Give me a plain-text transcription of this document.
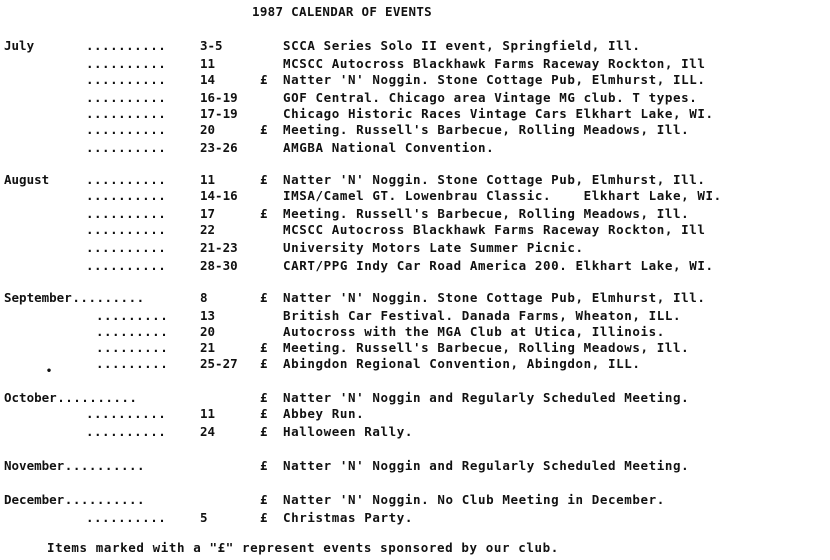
1987 CALENDAR OF EVENTS
July	..........	3-5	SCCA Series Solo II event, Springfield, Ill.
..........	11	MCSCC Autocross Blackhawk Farms Raceway Rockton, Ill
..........	14	£ Natter 'N' Noggin. Stone Cottage Pub, Elmhurst, ILL.
..........	16-19	GOF Central. Chicago area Vintage MG club. T types.
..........	17-19	Chicago Historic Races Vintage Cars Elkhart Lake, WI.
..........	20	£ Meeting. Russell's Barbecue, Rolling Meadows, Ill.
..........	23-26	AMGBA National Convention.
August	..........	11	£ Natter 'N' Noggin. Stone Cottage Pub, Elmhurst, Ill.
..........	14-16	IMSA/Camel GT. Lowenbrau Classic.    Elkhart Lake, WI.
..........	17	£ Meeting. Russell's Barbecue, Rolling Meadows, Ill.
..........	22	MCSCC Autocross Blackhawk Farms Raceway Rockton, Ill
..........	21-23	University Motors Late Summer Picnic.
..........	28-30	CART/PPG Indy Car Road America 200. Elkhart Lake, WI.
September .........	8	£ Natter 'N' Noggin. Stone Cottage Pub, Elmhurst, Ill.
.........	13	British Car Festival. Danada Farms, Wheaton, ILL.
.........	20	Autocross with the MGA Club at Utica, Illinois.
.........	21	£ Meeting. Russell's Barbecue, Rolling Meadows, Ill.
.........	25-27 £ Abingdon Regional Convention, Abingdon, ILL.
October ..........	£ Natter 'N' Noggin and Regularly Scheduled Meeting.
..........	11	£ Abbey Run.
..........	24	£ Halloween Rally.
November ..........	£ Natter 'N' Noggin and Regularly Scheduled Meeting.
December ..........	£ Natter 'N' Noggin. No Club Meeting in December.
..........	5	£ Christmas Party.
•
Items marked with a "£" represent events sponsored by our club.
